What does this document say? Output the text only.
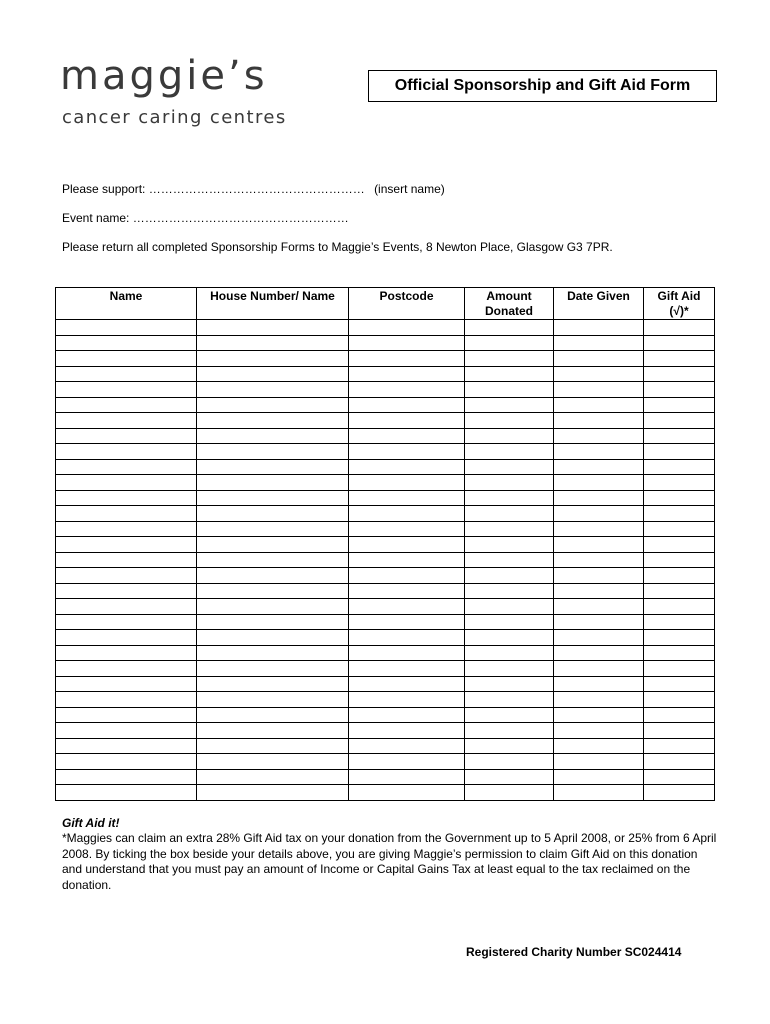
maggie’s
cancer caring centres
Official Sponsorship and Gift Aid Form
Please support: ……………………………………………… (insert name)
Event name: ………………………………………………
Please return all completed Sponsorship Forms to Maggie’s Events, 8 Newton Place, Glasgow G3 7PR.
Name	House Number/ Name	Postcode	Amount Donated	Date Given	Gift Aid (√)*

Gift Aid it!
*Maggies can claim an extra 28% Gift Aid tax on your donation from the Government up to 5 April 2008, or 25% from 6 April 2008. By ticking the box beside your details above, you are giving Maggie’s permission to claim Gift Aid on this donation and understand that you must pay an amount of Income or Capital Gains Tax at least equal to the tax reclaimed on the donation.
Registered Charity Number SC024414
